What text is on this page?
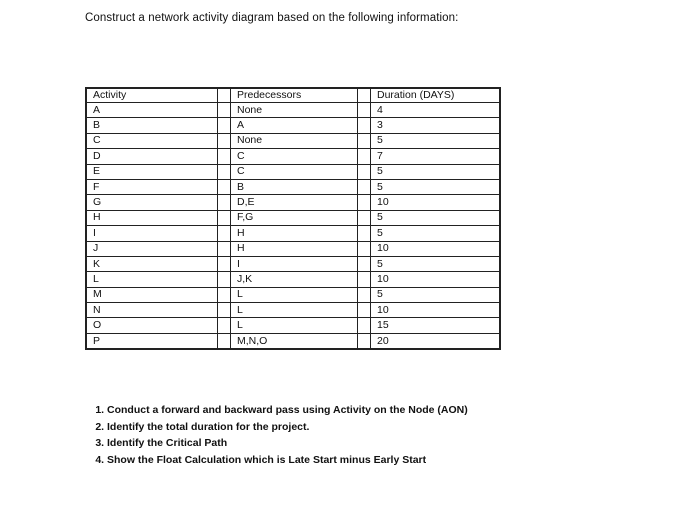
Construct a network activity diagram based on the following information:
Activity		Predecessors		Duration (DAYS)
A		None		4
B		A		3
C		None		5
D		C		7
E		C		5
F		B		5
G		D,E		10
H		F,G		5
I		H		5
J		H		10
K		I		5
L		J,K		10
M		L		5
N		L		10
O		L		15
P		M,N,O		20
1. Conduct a forward and backward pass using Activity on the Node (AON)
2. Identify the total duration for the project.
3. Identify the Critical Path
4. Show the Float Calculation which is Late Start minus Early Start
